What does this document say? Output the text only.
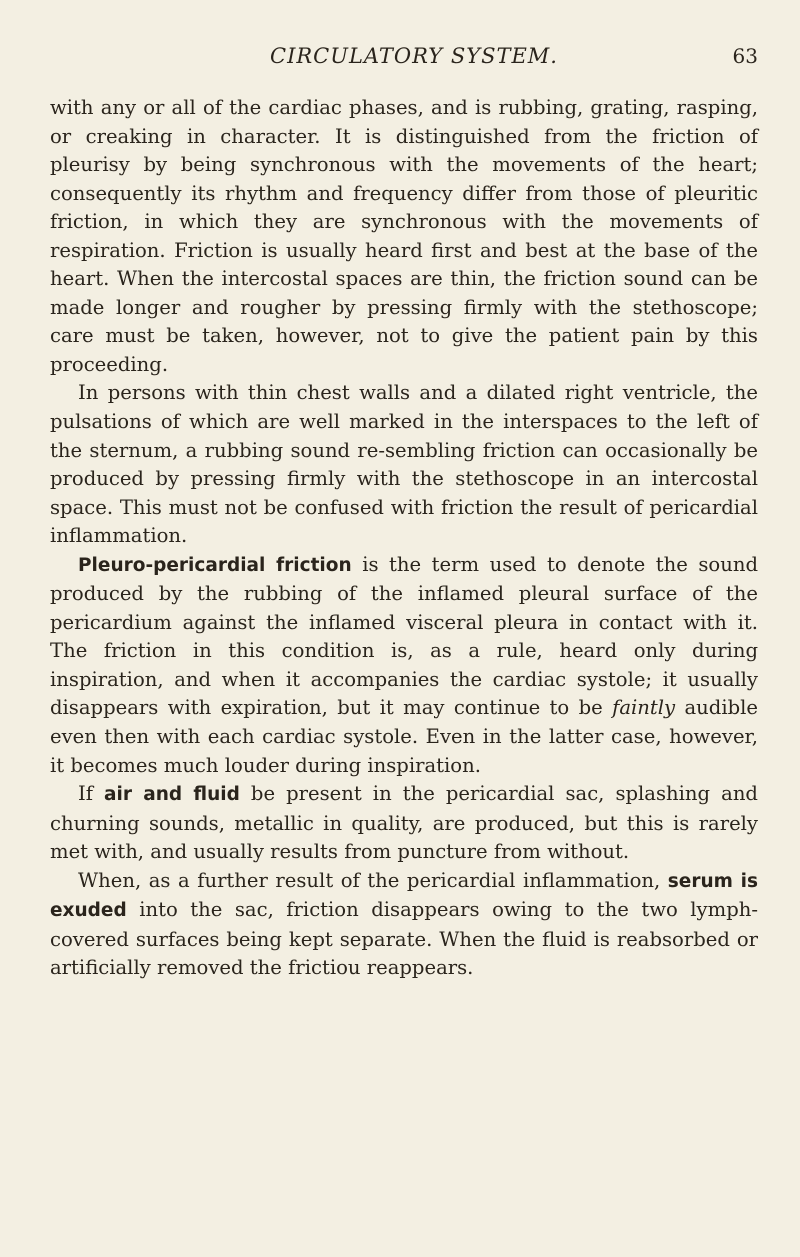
CIRCULATORY SYSTEM.	63

with any or all of the cardiac phases, and is rubbing, grating, rasping, or creaking in character. It is distinguished from the friction of pleurisy by being synchronous with the movements of the heart; consequently its rhythm and frequency differ from those of pleuritic friction, in which they are synchronous with the movements of respiration. Friction is usually heard first and best at the base of the heart. When the intercostal spaces are thin, the friction sound can be made longer and rougher by pressing firmly with the stethoscope; care must be taken, however, not to give the patient pain by this proceeding.

In persons with thin chest walls and a dilated right ventricle, the pulsations of which are well marked in the interspaces to the left of the sternum, a rubbing sound re-sembling friction can occasionally be produced by pressing firmly with the stethoscope in an intercostal space. This must not be confused with friction the result of pericardial inflammation.

Pleuro-pericardial friction is the term used to denote the sound produced by the rubbing of the inflamed pleural surface of the pericardium against the inflamed visceral pleura in contact with it. The friction in this condition is, as a rule, heard only during inspiration, and when it accompanies the cardiac systole; it usually disappears with expiration, but it may continue to be faintly audible even then with each cardiac systole. Even in the latter case, however, it becomes much louder during inspiration.

If air and fluid be present in the pericardial sac, splashing and churning sounds, metallic in quality, are produced, but this is rarely met with, and usually results from puncture from without.

When, as a further result of the pericardial inflammation, serum is exuded into the sac, friction disappears owing to the two lymph-covered surfaces being kept separate. When the fluid is reabsorbed or artificially removed the frictiou reappears.
